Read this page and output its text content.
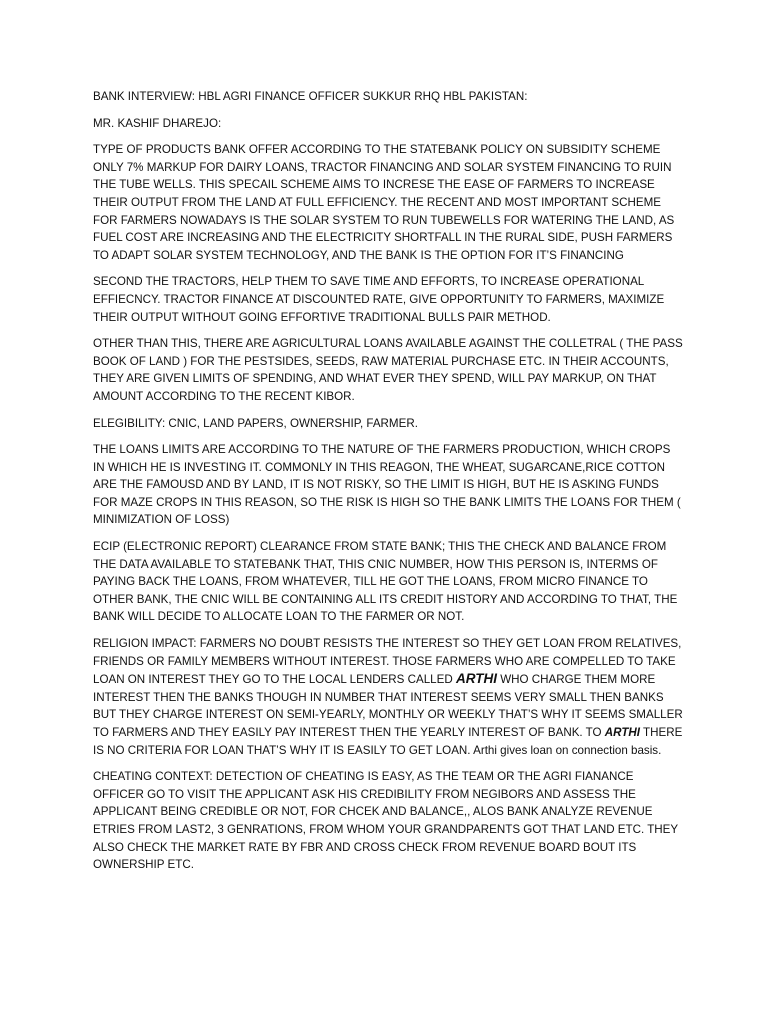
BANK INTERVIEW: HBL AGRI FINANCE OFFICER SUKKUR RHQ HBL PAKISTAN:

MR. KASHIF DHAREJO:

TYPE OF PRODUCTS BANK OFFER ACCORDING TO THE STATEBANK POLICY ON SUBSIDITY SCHEME ONLY 7% MARKUP FOR DAIRY LOANS, TRACTOR FINANCING AND SOLAR SYSTEM FINANCING TO RUIN THE TUBE WELLS. THIS SPECAIL SCHEME AIMS TO INCRESE THE EASE OF FARMERS TO INCREASE THEIR OUTPUT FROM THE LAND AT FULL EFFICIENCY. THE RECENT AND MOST IMPORTANT SCHEME FOR FARMERS NOWADAYS IS THE SOLAR SYSTEM TO RUN TUBEWELLS FOR WATERING THE LAND, AS FUEL COST ARE INCREASING AND THE ELECTRICITY SHORTFALL IN THE RURAL SIDE, PUSH FARMERS TO ADAPT SOLAR SYSTEM TECHNOLOGY, AND THE BANK IS THE OPTION FOR IT’S FINANCING

SECOND THE TRACTORS, HELP THEM TO SAVE TIME AND EFFORTS, TO INCREASE OPERATIONAL EFFIECNCY. TRACTOR FINANCE AT DISCOUNTED RATE, GIVE OPPORTUNITY TO FARMERS, MAXIMIZE THEIR OUTPUT WITHOUT GOING EFFORTIVE TRADITIONAL BULLS PAIR METHOD.

OTHER THAN THIS, THERE ARE AGRICULTURAL LOANS AVAILABLE AGAINST THE COLLETRAL ( THE PASS BOOK OF LAND ) FOR THE PESTSIDES, SEEDS, RAW MATERIAL PURCHASE ETC. IN THEIR ACCOUNTS, THEY ARE GIVEN LIMITS OF SPENDING, AND WHAT EVER THEY SPEND, WILL PAY MARKUP, ON THAT AMOUNT ACCORDING TO THE RECENT KIBOR.

ELEGIBILITY: CNIC, LAND PAPERS, OWNERSHIP, FARMER.

THE LOANS LIMITS ARE ACCORDING TO THE NATURE OF THE FARMERS PRODUCTION, WHICH CROPS IN WHICH HE IS INVESTING IT. COMMONLY IN THIS REAGON, THE WHEAT, SUGARCANE,RICE COTTON ARE THE FAMOUSD AND BY LAND, IT IS NOT RISKY, SO THE LIMIT IS HIGH, BUT HE IS ASKING FUNDS FOR MAZE CROPS IN THIS REASON, SO THE RISK IS HIGH SO THE BANK LIMITS THE LOANS FOR THEM ( MINIMIZATION OF LOSS)

ECIP (ELECTRONIC REPORT) CLEARANCE FROM STATE BANK; THIS THE CHECK AND BALANCE FROM THE DATA AVAILABLE TO STATEBANK THAT, THIS CNIC NUMBER, HOW THIS PERSON IS, INTERMS OF PAYING BACK THE LOANS, FROM WHATEVER, TILL HE GOT THE LOANS, FROM MICRO FINANCE TO OTHER BANK, THE CNIC WILL BE CONTAINING ALL ITS CREDIT HISTORY AND ACCORDING TO THAT, THE BANK WILL DECIDE TO ALLOCATE LOAN TO THE FARMER OR NOT.

RELIGION IMPACT: FARMERS NO DOUBT RESISTS THE INTEREST SO THEY GET LOAN FROM RELATIVES, FRIENDS OR FAMILY MEMBERS WITHOUT INTEREST. THOSE FARMERS WHO ARE COMPELLED TO TAKE LOAN ON INTEREST THEY GO TO THE LOCAL LENDERS CALLED ARTHI WHO CHARGE THEM MORE INTEREST THEN THE BANKS THOUGH IN NUMBER THAT INTEREST SEEMS VERY SMALL THEN BANKS BUT THEY CHARGE INTEREST ON SEMI-YEARLY, MONTHLY OR WEEKLY THAT’S WHY IT SEEMS SMALLER TO FARMERS AND THEY EASILY PAY INTEREST THEN THE YEARLY INTEREST OF BANK. TO ARTHI THERE IS NO CRITERIA FOR LOAN THAT’S WHY IT IS EASILY TO GET LOAN. Arthi gives loan on connection basis.

CHEATING CONTEXT: DETECTION OF CHEATING IS EASY, AS THE TEAM OR THE AGRI FIANANCE OFFICER GO TO VISIT THE APPLICANT ASK HIS CREDIBILITY FROM NEGIBORS AND ASSESS THE APPLICANT BEING CREDIBLE OR NOT, FOR CHCEK AND BALANCE,, ALOS BANK ANALYZE REVENUE ETRIES FROM LAST2, 3 GENRATIONS, FROM WHOM YOUR GRANDPARENTS GOT THAT LAND ETC. THEY ALSO CHECK THE MARKET RATE BY FBR AND CROSS CHECK FROM REVENUE BOARD BOUT ITS OWNERSHIP ETC.
